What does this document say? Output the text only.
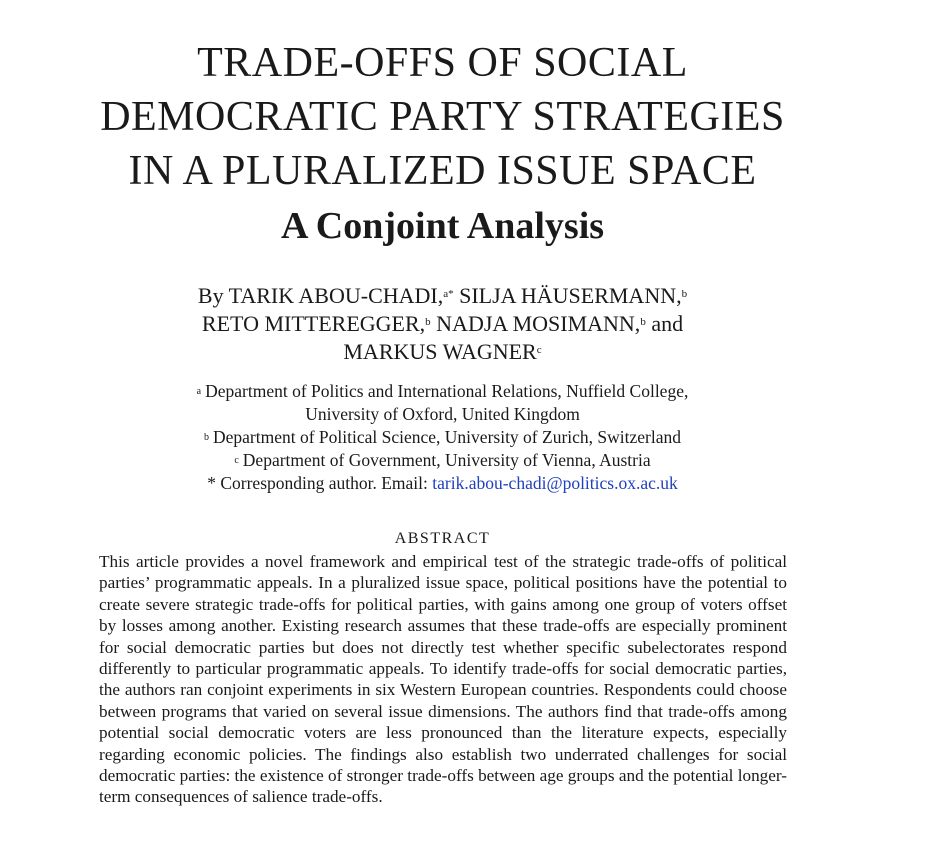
TRADE-OFFS OF SOCIAL
DEMOCRATIC PARTY STRATEGIES
IN A PLURALIZED ISSUE SPACE
A Conjoint Analysis
By TARIK ABOU-CHADI,$^{a*}$ SILJA HÄUSERMANN,$^b$
RETO MITTEREGGER,$^b$ NADJA MOSIMANN,$^b$ and
MARKUS WAGNER$^c$
$^a$ Department of Politics and International Relations, Nuffield College,
University of Oxford, United Kingdom
$^b$ Department of Political Science, University of Zurich, Switzerland
$^c$ Department of Government, University of Vienna, Austria
* Corresponding author. Email: tarik.abou-chadi@politics.ox.ac.uk
ABSTRACT

This article provides a novel framework and empirical test of the strategic trade-offs of political parties’ programmatic appeals. In a pluralized issue space, political positions have the potential to create severe strategic trade-offs for political parties, with gains among one group of voters offset by losses among another. Existing research assumes that these trade-offs are especially prominent for social democratic parties but does not directly test whether specific subelectorates respond differently to particular programmatic appeals. To identify trade-offs for social democratic parties, the authors ran conjoint experiments in six Western European countries. Respondents could choose between programs that varied on several issue dimensions. The authors find that trade-offs among potential social democratic voters are less pronounced than the literature expects, especially regarding economic policies. The findings also establish two underrated challenges for social democratic parties: the existence of stronger trade-offs between age groups and the potential longer-term consequences of salience trade-offs.
